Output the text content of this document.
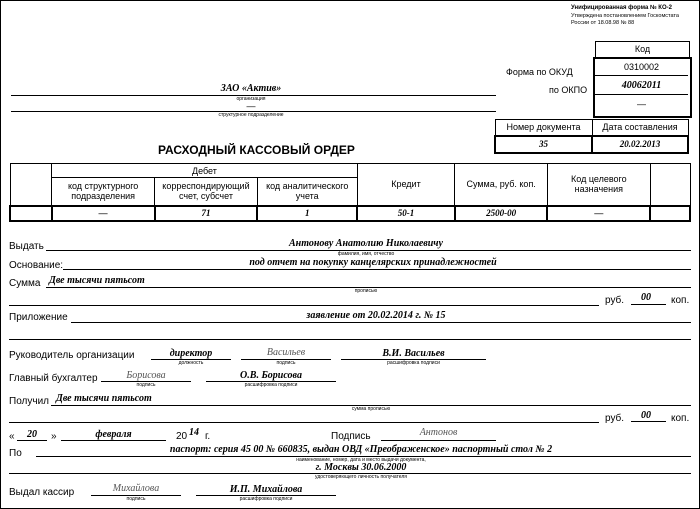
Унифицированная форма № КО-2
Утверждена постановлением Госкомстата
России от 18.08.98 № 88
Код
0310002
40062011
—
Форма по ОКУД
по ОКПО
ЗАО «Актив»
организация
—
структурное подразделение
РАСХОДНЫЙ КАССОВЫЙ ОРДЕР
Номер документа	Дата составления
35	20.02.2013
	Дебет			Кредит	Сумма, руб. коп.	Код целевого назначения	
	код структурного подразделения	корреспондирующий счет, субсчет	код аналитического учета				
	—	71	1	50-1	2500-00	—	
Выдать	Антонову Анатолию Николаевичу
фамилия, имя, отчество
Основание:	под отчет на покупку канцелярских принадлежностей
Сумма Две тысячи пятьсот
прописью
руб. 00 коп.
Приложение	заявление от 20.02.2014 г. № 15
Руководитель организации	директор
должность
Васильев
подпись
В.И. Васильев
расшифровка подписи
Главный бухгалтер	Борисова
подпись
О.В. Борисова
расшифровка подписи
Получил Две тысячи пятьсот
сумма прописью
руб. 00 коп.
«	20	»	февраля	20 14 г.	Подпись	Антонов
По	паспорт: серия 45 00 № 660835, выдан ОВД «Преображенское» паспортный стол № 2
наименование, номер, дата и место выдачи документа,
г. Москвы 30.06.2000
удостоверяющего личность получателя
Выдал кассир	Михайлова
подпись
И.П. Михайлова
расшифровка подписи
